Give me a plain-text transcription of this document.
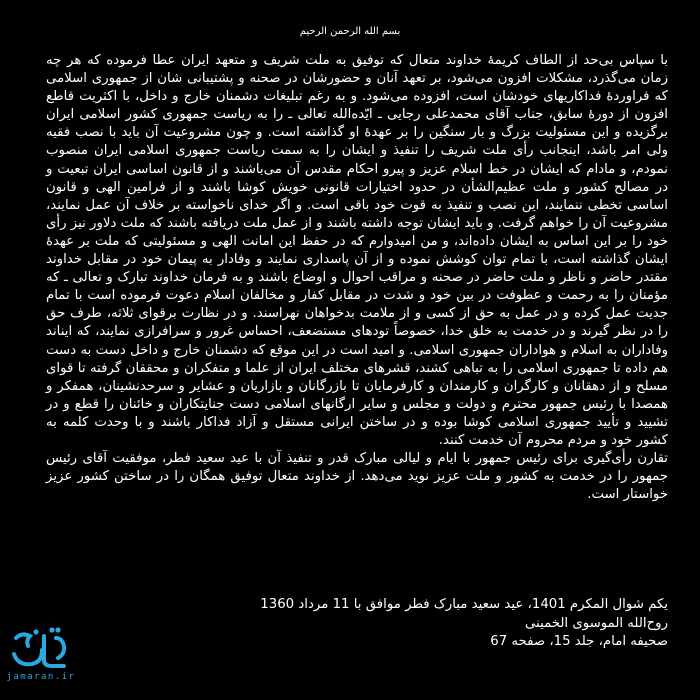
بسم الله الرحمن الرحیم

با سپاس بی‌حد از الطاف کریمهٔ خداوند متعال که توفیق به ملت شریف و متعهد ایران عطا فرموده که هر چه زمان می‌گذرد، مشکلات افزون می‌شود، بر تعهد آنان و حضورشان در صحنه و پشتیبانی شان از جمهوری اسلامی که فراوردهٔ فداکاریهای خودشان است، افزوده می‌شود. و به رغم تبلیغات دشمنان خارج و داخل، با اکثریت قاطع افزون از دورهٔ سابق، جناب آقای محمدعلی رجایی ـ ایّده‌الله تعالی ـ را به ریاست جمهوری کشور اسلامی ایران برگزیده و این مسئولیت بزرگ و بار سنگین را بر عهدهٔ او گذاشته است. و چون مشروعیت آن باید با نصب فقیه ولی امر باشد، اینجانب رأی ملت شریف را تنفیذ و ایشان را به سمت ریاست جمهوری اسلامی ایران منصوب نمودم، و مادام که ایشان در خط اسلام عزیز و پیرو احکام مقدس آن می‌باشند و از قانون اساسی ایران تبعیت و در مصالح کشور و ملت عظیم‌الشأن در حدود اختیارات قانونی خویش کوشا باشند و از فرامین الهی و قانون اساسی تخطی ننمایند، این نصب و تنفیذ به قوت خود باقی است. و اگر خدای ناخواسته بر خلاف آن عمل نمایند، مشروعیت آن را خواهم گرفت. و باید ایشان توجه داشته باشند و از عمل ملت دریافته باشند که ملت دلاور نیز رأی خود را بر این اساس به ایشان داده‌اند، و من امیدوارم که در حفظ این امانت الهی و مسئولیتی که ملت بر عهدهٔ ایشان گذاشته است، با تمام توان کوشش نموده و از آن پاسداری نمایند و وفادار به پیمان خود در مقابل خداوند مقتدر حاضر و ناظر و ملت حاضر در صحنه و مراقب احوال و اوضاع باشند و به فرمان خداوند تبارک و تعالی ـ که مؤمنان را به رحمت و عطوفت در بین خود و شدت در مقابل کفار و مخالفان اسلام دعوت فرموده است با تمام جدیت عمل کرده و در عمل به حق از کسی و از ملامت بدخواهان نهراسند. و در نظارت برقوای ثلاثه، طرف حق را در نظر گیرند و در خدمت به خلق خدا، خصوصاً تودهای مستضعف، احساس غرور و سرافرازی نمایند، که ایناند وفاداران به اسلام و هواداران جمهوری اسلامی. و امید است در این موقع که دشمنان خارج و داخل دست به دست هم داده تا جمهوری اسلامی را به تباهی کشند، قشرهای مختلف ایران از علما و متفکران و محققان گرفته تا قوای مسلح و از دهقانان و کارگران و کارمندان و کارفرمایان تا بازرگانان و بازاریان و عشایر و سرحدنشینان، همفکر و همصدا با رئیس جمهور محترم و دولت و مجلس و سایر ارگانهای اسلامی دست جنایتکاران و خائنان را قطع و در تشیید و تأیید جمهوری اسلامی کوشا بوده و در ساختن ایرانی مستقل و آزاد فداکار باشند و با وحدت کلمه به کشور خود و مردم محروم آن خدمت کنند.

تقارن رأی‌گیری برای رئیس جمهور با ایام و لیالی مبارک قدر و تنفیذ آن با عید سعید فطر، موفقیت آقای رئیس جمهور را در خدمت به کشور و ملت عزیز نوید می‌دهد. از خداوند متعال توفیق همگان را در ساختن کشور عزیز خواستار است.

یکم شوال المکرم 1401، عید سعید مبارک فطر موافق با 11 مرداد 1360
روح‌الله الموسوی الخمینی
صحیفه امام، جلد 15، صفحه 67
jamaran.ir
